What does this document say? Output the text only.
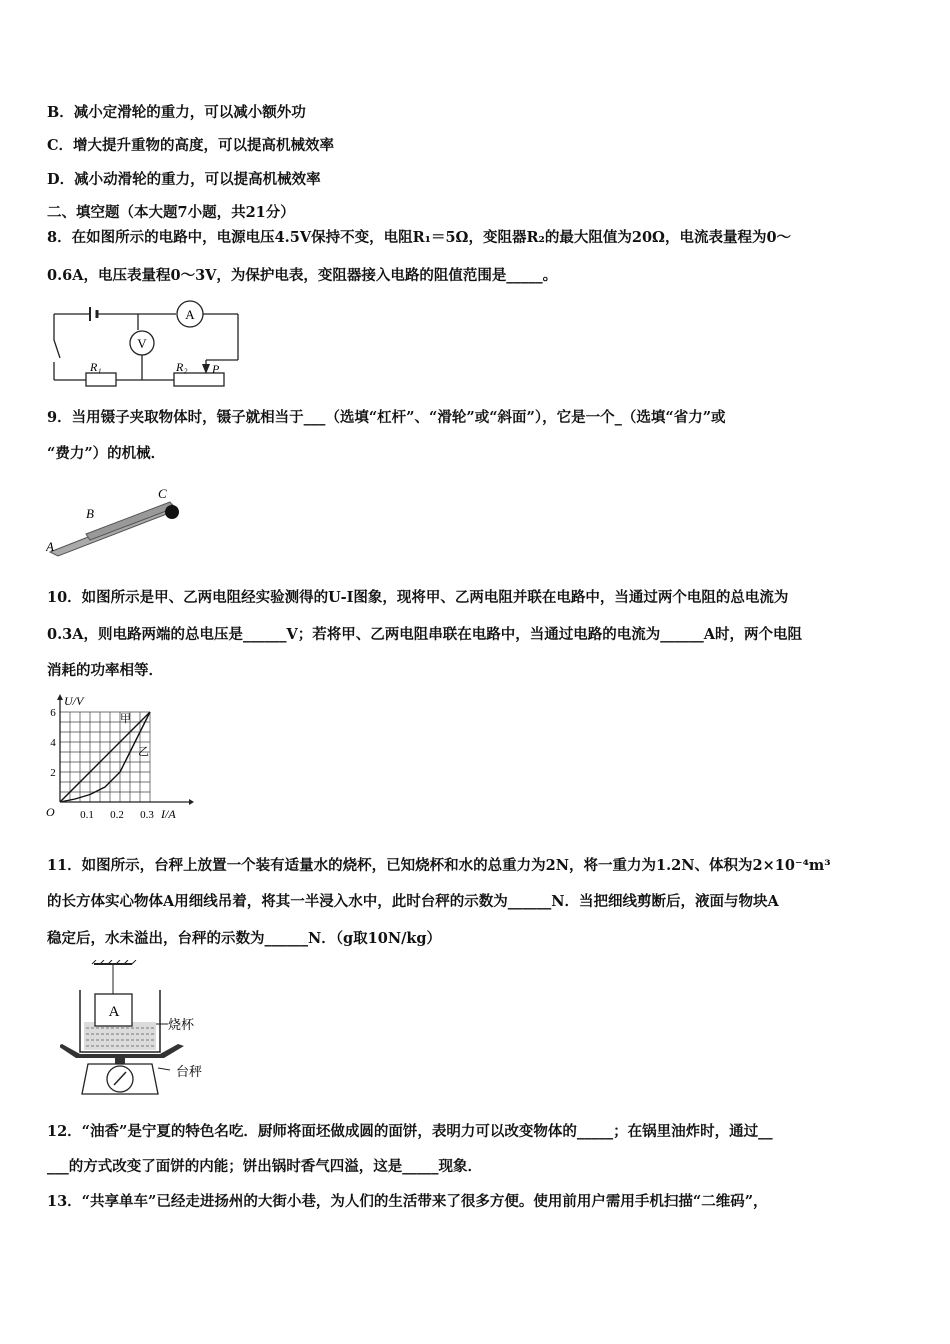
B．减小定滑轮的重力，可以减小额外功
C．增大提升重物的高度，可以提高机械效率
D．减小动滑轮的重力，可以提高机械效率
二、填空题（本大题7小题，共21分）
8．在如图所示的电路中，电源电压4.5V保持不变，电阻R₁＝5Ω，变阻器R₂的最大阻值为20Ω，电流表量程为0～
0.6A，电压表量程0～3V，为保护电表，变阻器接入电路的阻值范围是_____。
A
V
R₁	R₂ P
9．当用镊子夹取物体时，镊子就相当于___（选填“杠杆”、“滑轮”或“斜面”），它是一个_（选填“省力”或
“费力”）的机械．
A
B
C
10．如图所示是甲、乙两电阻经实验测得的U-I图象，现将甲、乙两电阻并联在电路中，当通过两个电阻的总电流为
0.3A，则电路两端的总电压是______V；若将甲、乙两电阻串联在电路中，当通过电路的电流为______A时，两个电阻
消耗的功率相等．
U/V
I/A
O 0.1 0.2 0.3
2
4
6	甲
乙
11．如图所示，台秤上放置一个装有适量水的烧杯，已知烧杯和水的总重力为2N，将一重力为1.2N、体积为2×10⁻⁴m³
的长方体实心物体A用细线吊着，将其一半浸入水中，此时台秤的示数为______N．当把细线剪断后，液面与物块A
稳定后，水未溢出，台秤的示数为______N．（g取10N/kg）
A
烧杯
台秤
12．“油香”是宁夏的特色名吃．厨师将面坯做成圆的面饼，表明力可以改变物体的_____；在锅里油炸时，通过__
___的方式改变了面饼的内能；饼出锅时香气四溢，这是_____现象．
13．“共享单车”已经走进扬州的大街小巷，为人们的生活带来了很多方便。使用前用户需用手机扫描“二维码”，
